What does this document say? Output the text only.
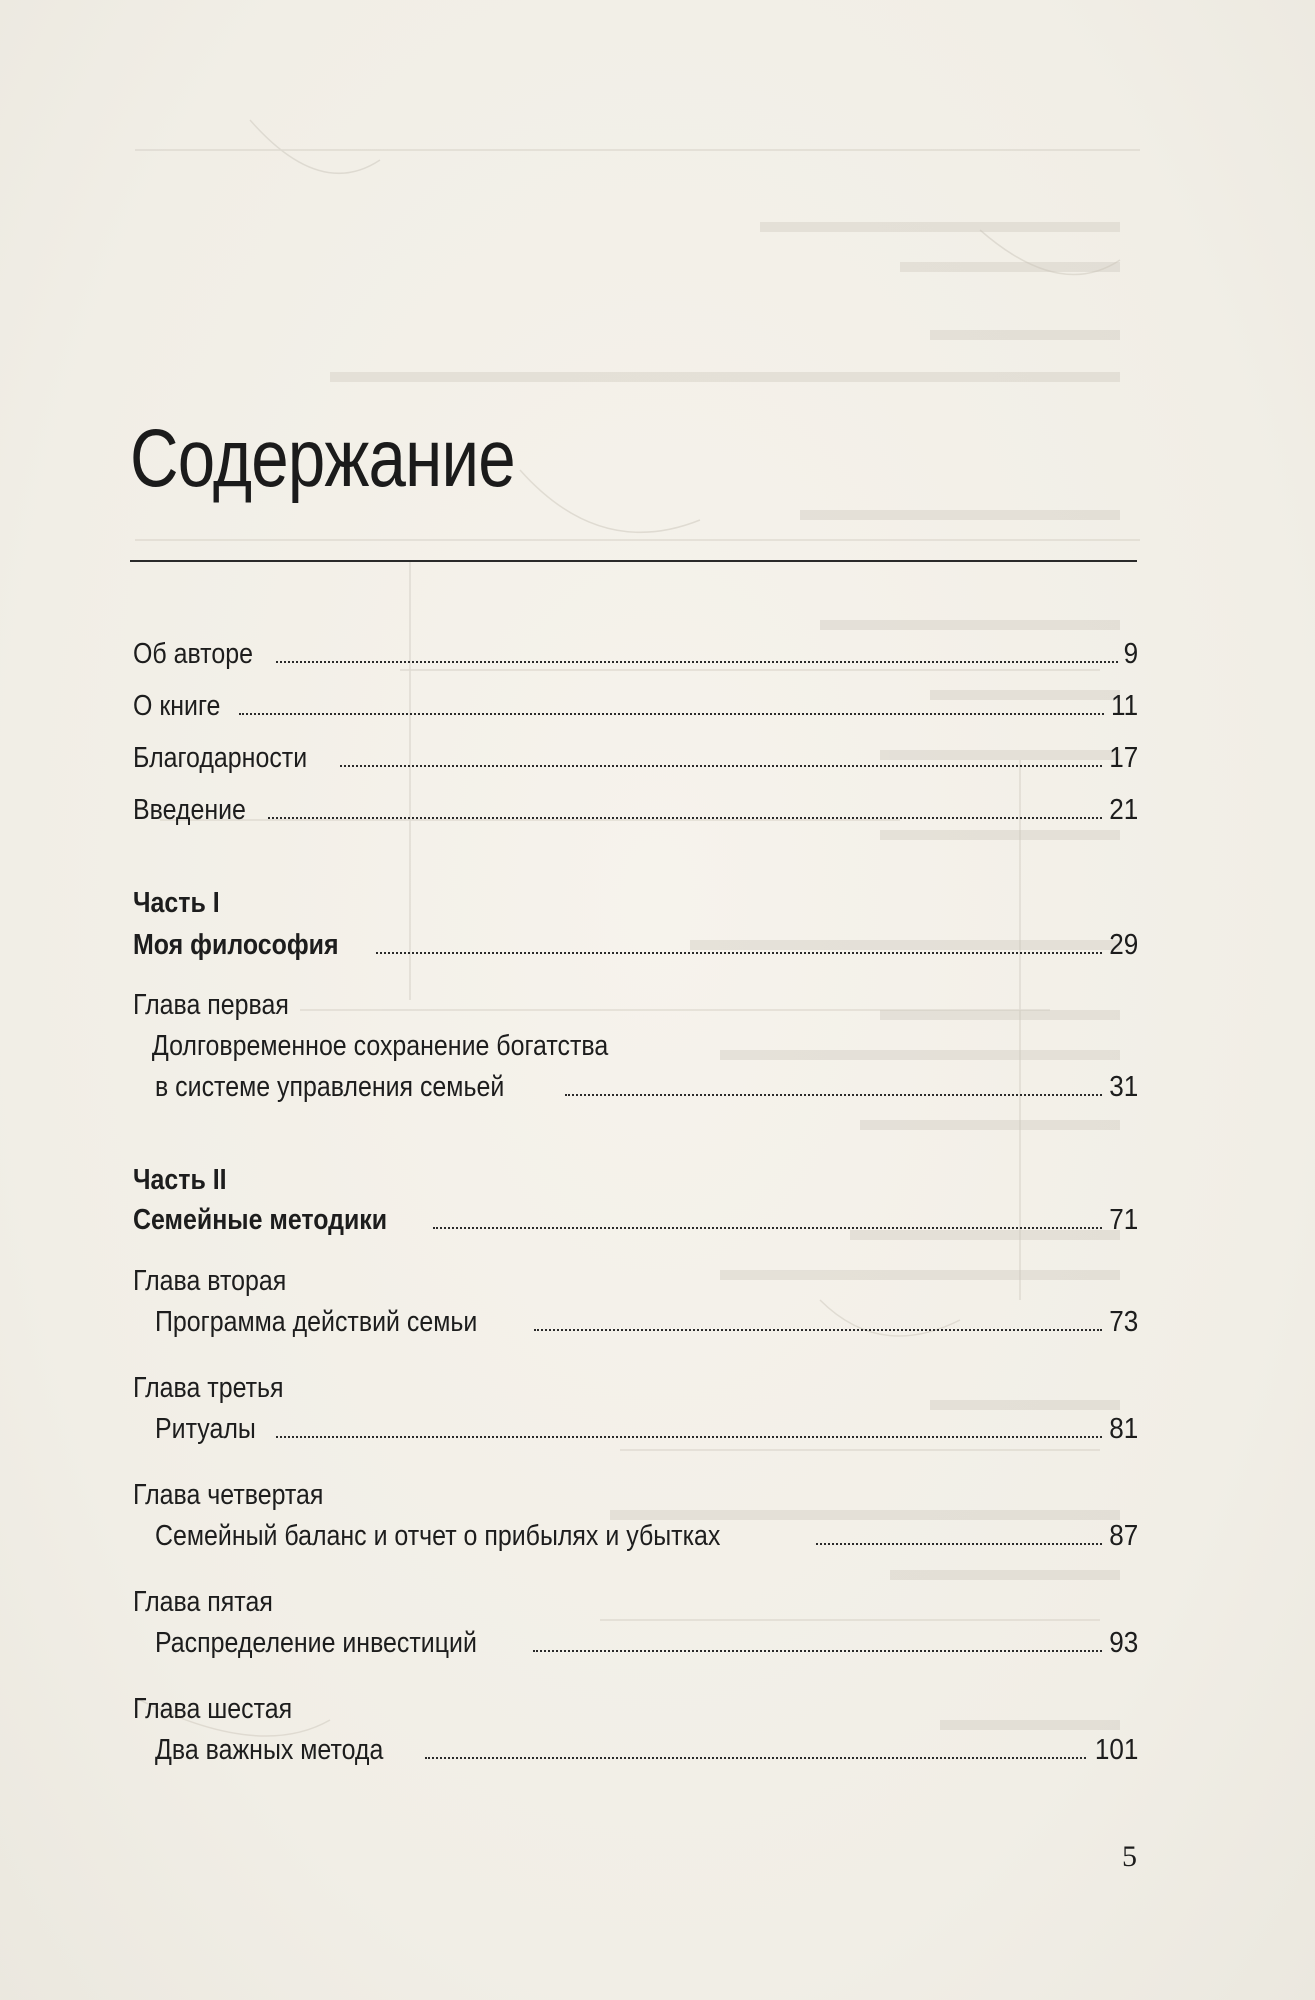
Содержание
Об авторе	9
О книге	11
Благодарности	17
Введение	21
Часть I
Моя философия	29
Глава первая
Долговременное сохранение богатства
в системе управления семьей	31
Часть II
Семейные методики	71
Глава вторая
Программа действий семьи	73
Глава третья
Ритуалы	81
Глава четвертая
Семейный баланс и отчет о прибылях и убытках	87
Глава пятая
Распределение инвестиций	93
Глава шестая
Два важных метода	101
5
